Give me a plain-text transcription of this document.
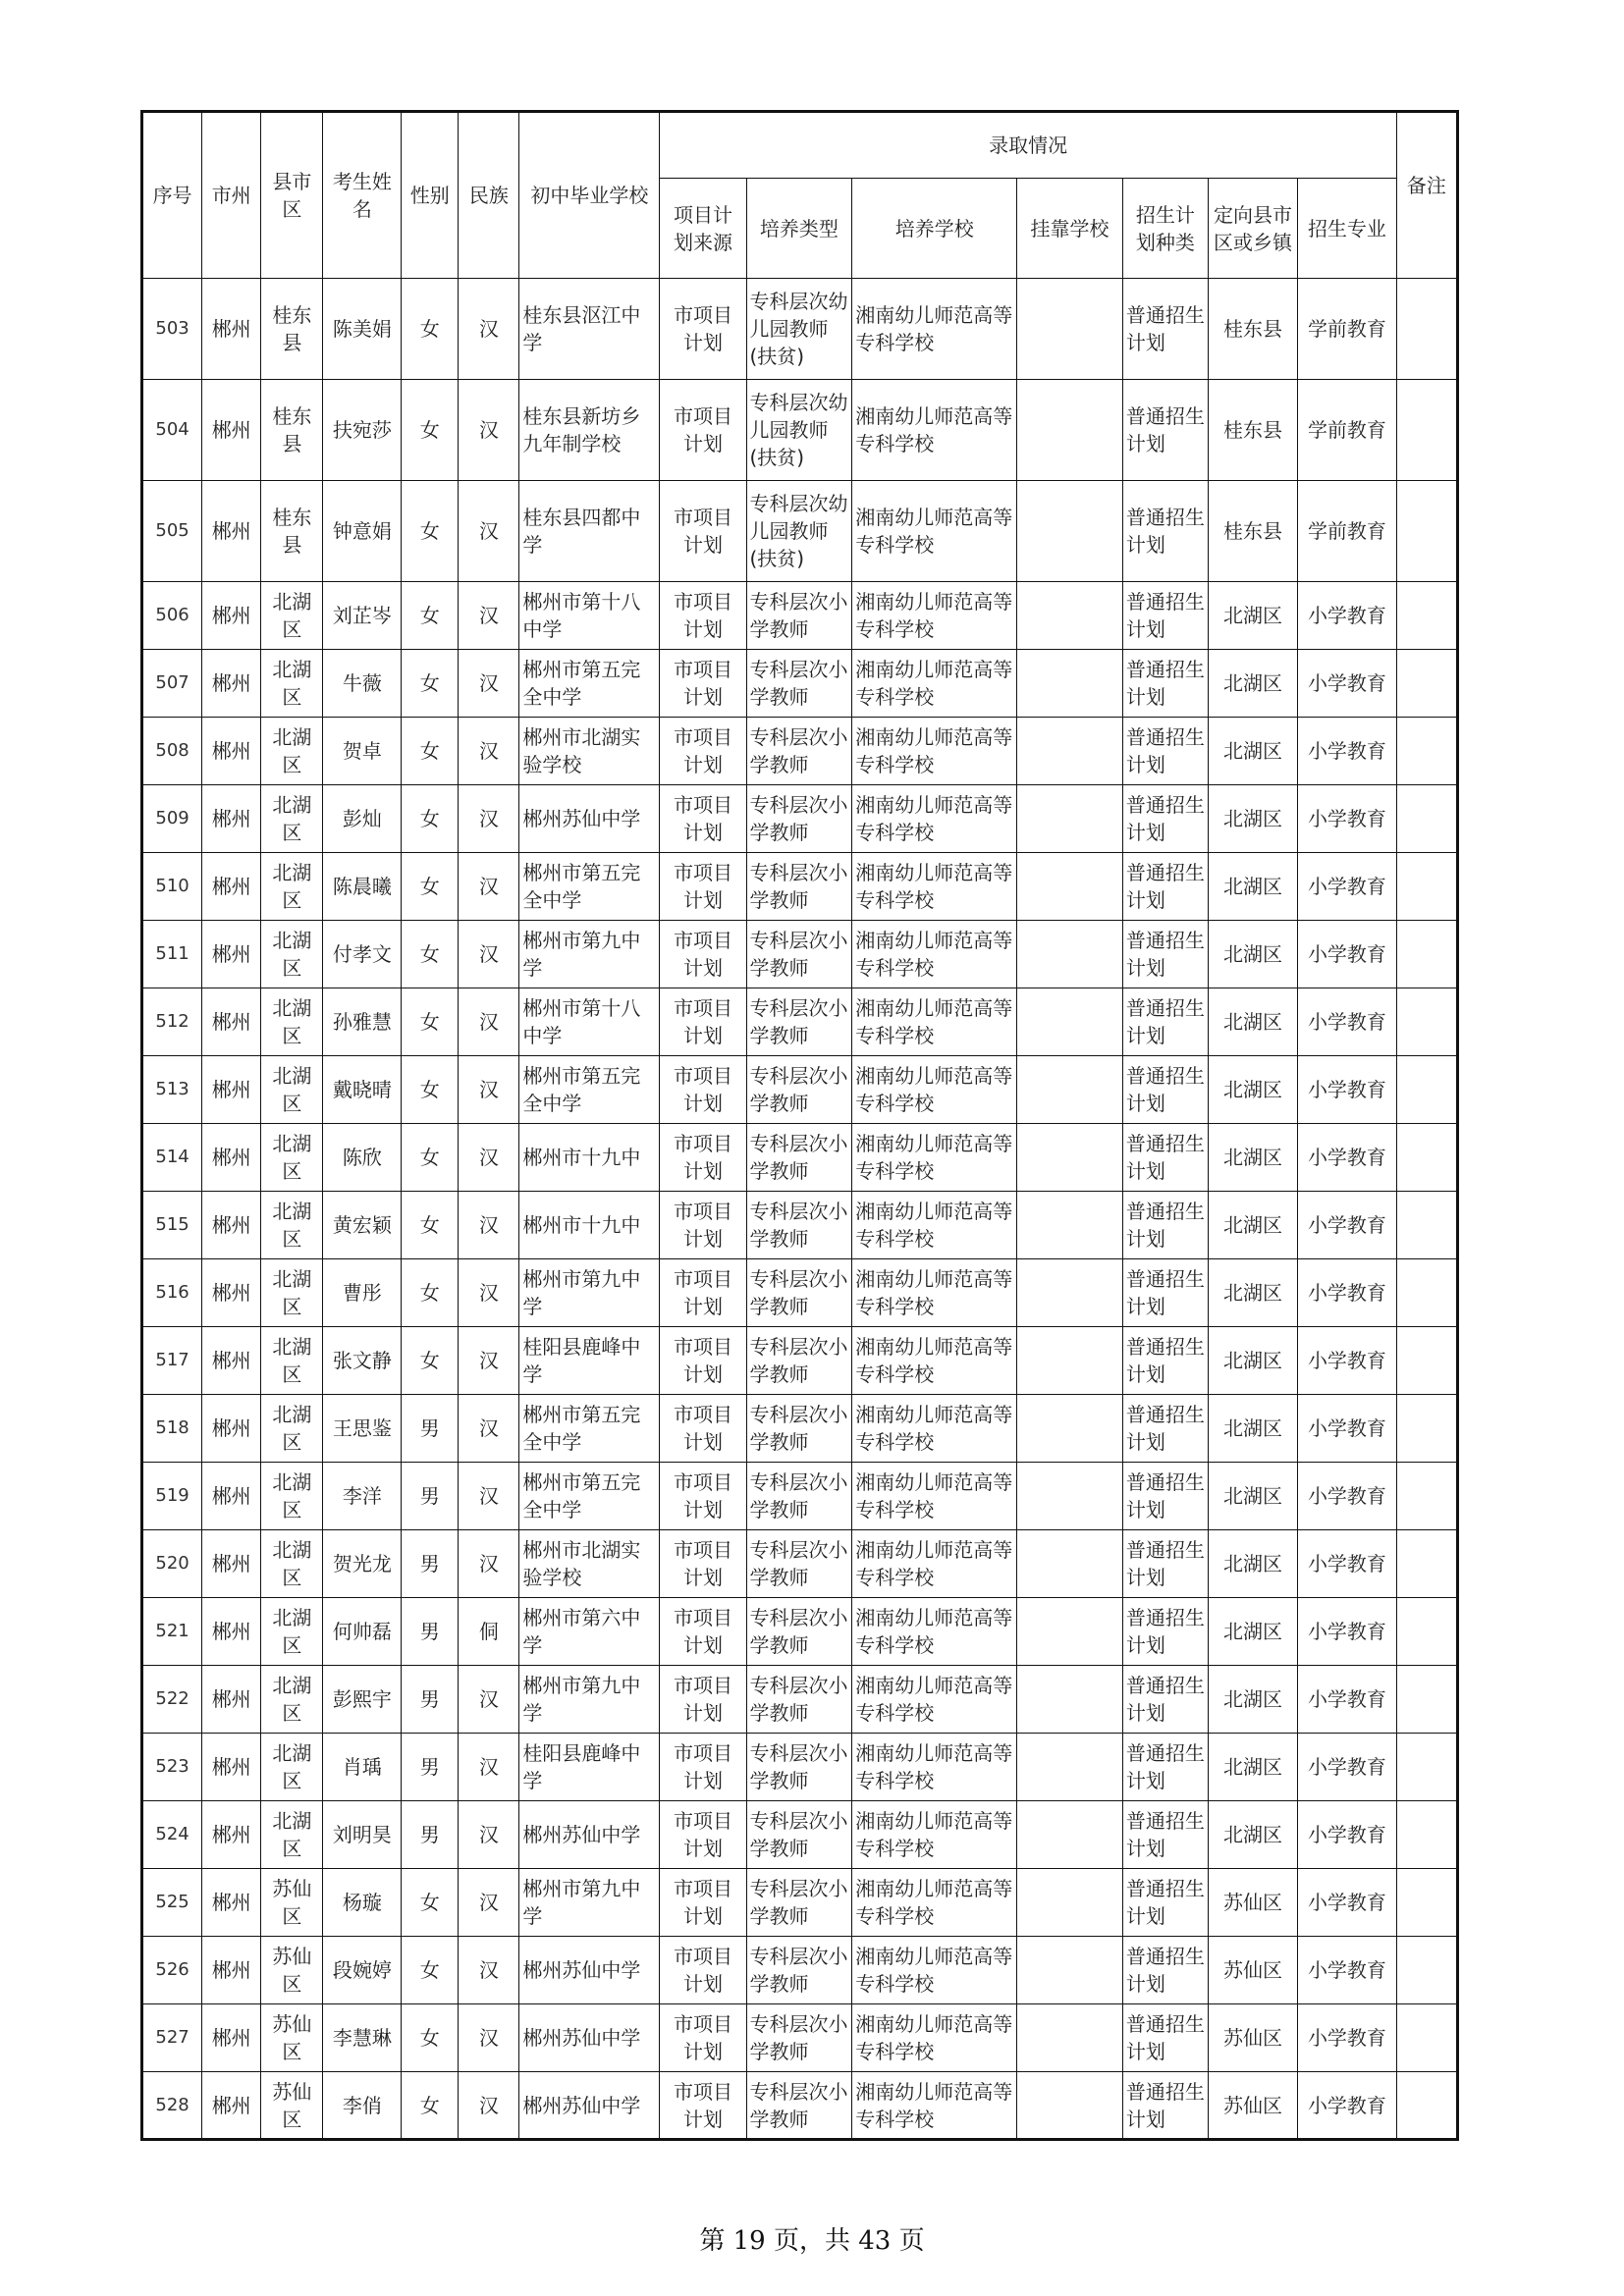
序号	市州	县市区	考生姓名	性别	民族	初中毕业学校	录取情况							备注
							项目计划来源	培养类型	培养学校	挂靠学校	招生计划种类	定向县市区或乡镇	招生专业	
503	郴州	桂东县	陈美娟	女	汉	桂东县沤江中学	市项目计划	专科层次幼儿园教师(扶贫)	湘南幼儿师范高等专科学校		普通招生计划	桂东县	学前教育	
504	郴州	桂东县	扶宛莎	女	汉	桂东县新坊乡九年制学校	市项目计划	专科层次幼儿园教师(扶贫)	湘南幼儿师范高等专科学校		普通招生计划	桂东县	学前教育	
505	郴州	桂东县	钟意娟	女	汉	桂东县四都中学	市项目计划	专科层次幼儿园教师(扶贫)	湘南幼儿师范高等专科学校		普通招生计划	桂东县	学前教育	
506	郴州	北湖区	刘芷岑	女	汉	郴州市第十八中学	市项目计划	专科层次小学教师	湘南幼儿师范高等专科学校		普通招生计划	北湖区	小学教育	
507	郴州	北湖区	牛薇	女	汉	郴州市第五完全中学	市项目计划	专科层次小学教师	湘南幼儿师范高等专科学校		普通招生计划	北湖区	小学教育	
508	郴州	北湖区	贺卓	女	汉	郴州市北湖实验学校	市项目计划	专科层次小学教师	湘南幼儿师范高等专科学校		普通招生计划	北湖区	小学教育	
509	郴州	北湖区	彭灿	女	汉	郴州苏仙中学	市项目计划	专科层次小学教师	湘南幼儿师范高等专科学校		普通招生计划	北湖区	小学教育	
510	郴州	北湖区	陈晨曦	女	汉	郴州市第五完全中学	市项目计划	专科层次小学教师	湘南幼儿师范高等专科学校		普通招生计划	北湖区	小学教育	
511	郴州	北湖区	付孝文	女	汉	郴州市第九中学	市项目计划	专科层次小学教师	湘南幼儿师范高等专科学校		普通招生计划	北湖区	小学教育	
512	郴州	北湖区	孙雅慧	女	汉	郴州市第十八中学	市项目计划	专科层次小学教师	湘南幼儿师范高等专科学校		普通招生计划	北湖区	小学教育	
513	郴州	北湖区	戴晓晴	女	汉	郴州市第五完全中学	市项目计划	专科层次小学教师	湘南幼儿师范高等专科学校		普通招生计划	北湖区	小学教育	
514	郴州	北湖区	陈欣	女	汉	郴州市十九中	市项目计划	专科层次小学教师	湘南幼儿师范高等专科学校		普通招生计划	北湖区	小学教育	
515	郴州	北湖区	黄宏颖	女	汉	郴州市十九中	市项目计划	专科层次小学教师	湘南幼儿师范高等专科学校		普通招生计划	北湖区	小学教育	
516	郴州	北湖区	曹彤	女	汉	郴州市第九中学	市项目计划	专科层次小学教师	湘南幼儿师范高等专科学校		普通招生计划	北湖区	小学教育	
517	郴州	北湖区	张文静	女	汉	桂阳县鹿峰中学	市项目计划	专科层次小学教师	湘南幼儿师范高等专科学校		普通招生计划	北湖区	小学教育	
518	郴州	北湖区	王思鉴	男	汉	郴州市第五完全中学	市项目计划	专科层次小学教师	湘南幼儿师范高等专科学校		普通招生计划	北湖区	小学教育	
519	郴州	北湖区	李洋	男	汉	郴州市第五完全中学	市项目计划	专科层次小学教师	湘南幼儿师范高等专科学校		普通招生计划	北湖区	小学教育	
520	郴州	北湖区	贺光龙	男	汉	郴州市北湖实验学校	市项目计划	专科层次小学教师	湘南幼儿师范高等专科学校		普通招生计划	北湖区	小学教育	
521	郴州	北湖区	何帅磊	男	侗	郴州市第六中学	市项目计划	专科层次小学教师	湘南幼儿师范高等专科学校		普通招生计划	北湖区	小学教育	
522	郴州	北湖区	彭熙宇	男	汉	郴州市第九中学	市项目计划	专科层次小学教师	湘南幼儿师范高等专科学校		普通招生计划	北湖区	小学教育	
523	郴州	北湖区	肖瑀	男	汉	桂阳县鹿峰中学	市项目计划	专科层次小学教师	湘南幼儿师范高等专科学校		普通招生计划	北湖区	小学教育	
524	郴州	北湖区	刘明昊	男	汉	郴州苏仙中学	市项目计划	专科层次小学教师	湘南幼儿师范高等专科学校		普通招生计划	北湖区	小学教育	
525	郴州	苏仙区	杨璇	女	汉	郴州市第九中学	市项目计划	专科层次小学教师	湘南幼儿师范高等专科学校		普通招生计划	苏仙区	小学教育	
526	郴州	苏仙区	段婉婷	女	汉	郴州苏仙中学	市项目计划	专科层次小学教师	湘南幼儿师范高等专科学校		普通招生计划	苏仙区	小学教育	
527	郴州	苏仙区	李慧琳	女	汉	郴州苏仙中学	市项目计划	专科层次小学教师	湘南幼儿师范高等专科学校		普通招生计划	苏仙区	小学教育	
528	郴州	苏仙区	李俏	女	汉	郴州苏仙中学	市项目计划	专科层次小学教师	湘南幼儿师范高等专科学校		普通招生计划	苏仙区	小学教育	
第 19 页，共 43 页
